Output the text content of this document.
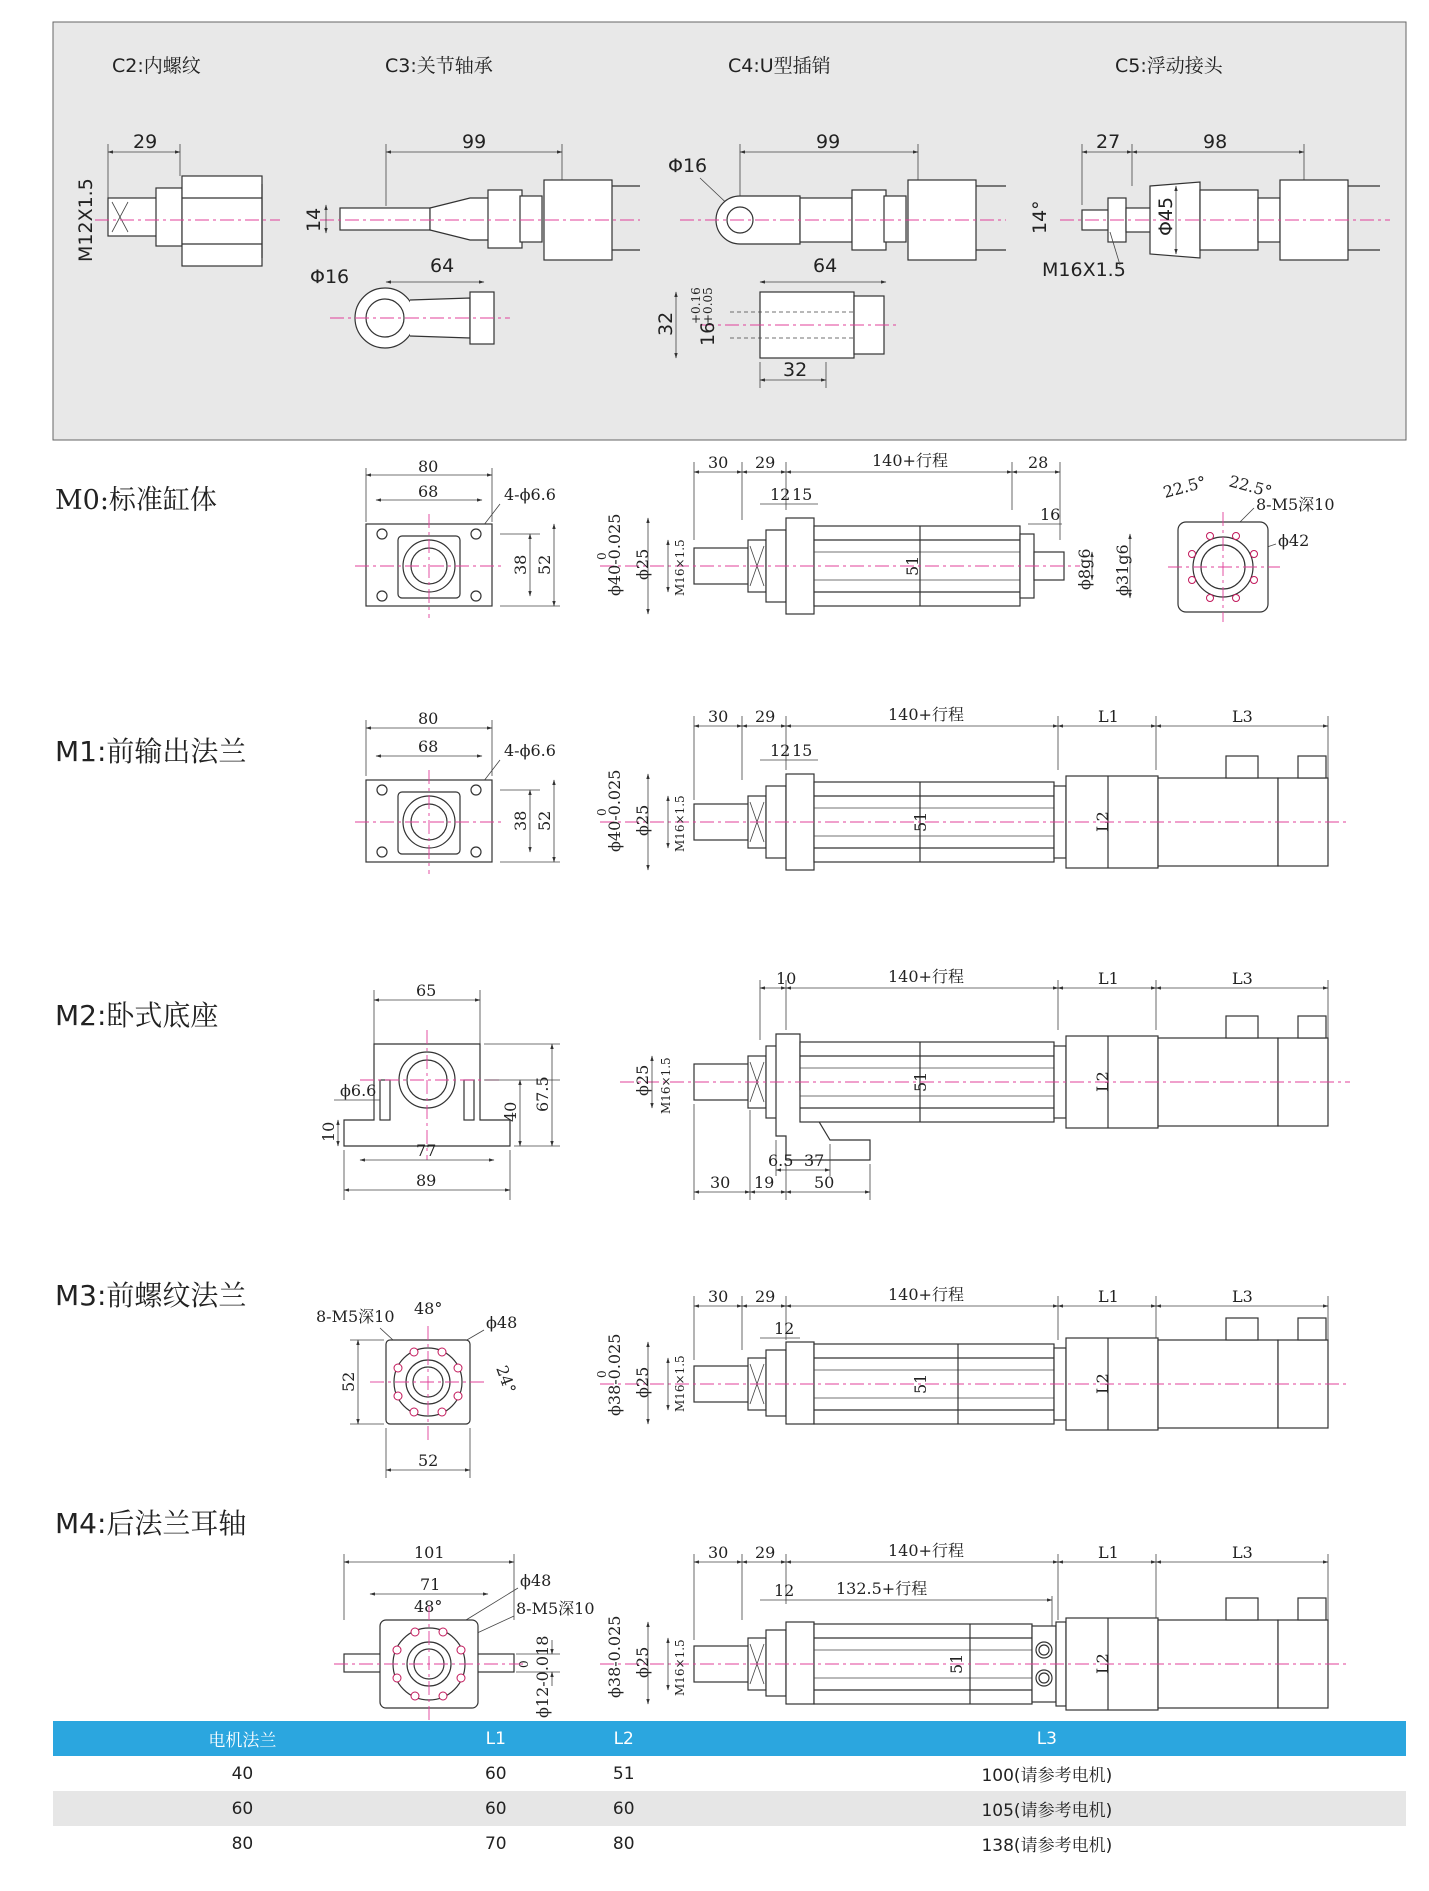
C2:内螺纹
29
M12X1.5
C3:关节轴承
99
14
Φ16	64
C4:U型插销
99
Φ16
64
32 16
+0.16
+0.05
32
C5:浮动接头
27	98
Φ45
14°
M16X1.5
80
68	4-ϕ6.6
38 52
30 29	140+行程	28
12 15
16
51
ϕ40-0.025
0 ϕ25 M16×1.5	ϕ8g6 ϕ31g6
22.5° 22.5°
8-M5深10
ϕ42
80
68	4-ϕ6.6
38 52
30 29	140+行程	L1	L3
12 15
51	L2
ϕ40-0.025
0 ϕ25 M16×1.5
65
ϕ6.6
10
77
89
40 67.5
10	140+行程	L1	L3
51	L2
ϕ25 M16×1.5
6.5 37
30 19 50
8-M5深10 48°
ϕ48
24°
52
52
30 29	140+行程	L1	L3
12
51	L2
ϕ38-0.025
0 ϕ25 M16×1.5
101
71
48°
ϕ48
8-M5深10
ϕ12-0.018
0
30 29	140+行程	L1	L3
12	132.5+行程
51	L2
ϕ38-0.025 ϕ25 M16×1.5
M0:标准缸体
M1:前输出法兰
M2:卧式底座
M3:前螺纹法兰
M4:后法兰耳轴
电机法兰	L1	L2	L3
40	60	51	100(请参考电机)
60	60	60	105(请参考电机)
80	70	80	138(请参考电机)
